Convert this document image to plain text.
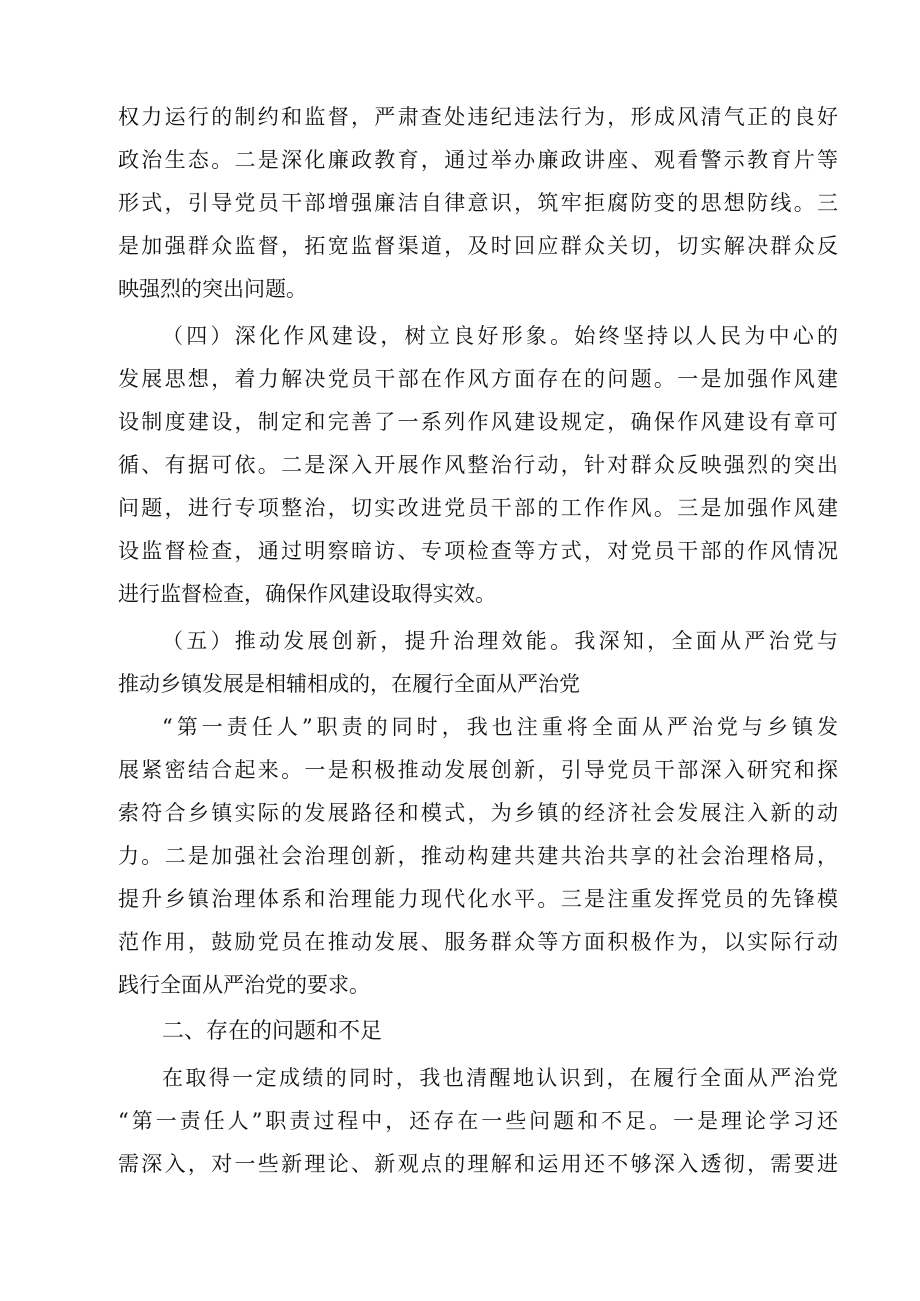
权力运行的制约和监督，严肃查处违纪违法行为，形成风清气正的良好

政治生态。二是深化廉政教育，通过举办廉政讲座、观看警示教育片等

形式，引导党员干部增强廉洁自律意识，筑牢拒腐防变的思想防线。三

是加强群众监督，拓宽监督渠道，及时回应群众关切，切实解决群众反

映强烈的突出问题。

（四）深化作风建设，树立良好形象。始终坚持以人民为中心的

发展思想，着力解决党员干部在作风方面存在的问题。一是加强作风建

设制度建设，制定和完善了一系列作风建设规定，确保作风建设有章可

循、有据可依。二是深入开展作风整治行动，针对群众反映强烈的突出

问题，进行专项整治，切实改进党员干部的工作作风。三是加强作风建

设监督检查，通过明察暗访、专项检查等方式，对党员干部的作风情况

进行监督检查，确保作风建设取得实效。

（五）推动发展创新，提升治理效能。我深知，全面从严治党与

推动乡镇发展是相辅相成的，在履行全面从严治党

“第一责任人”职责的同时，我也注重将全面从严治党与乡镇发

展紧密结合起来。一是积极推动发展创新，引导党员干部深入研究和探

索符合乡镇实际的发展路径和模式，为乡镇的经济社会发展注入新的动

力。二是加强社会治理创新，推动构建共建共治共享的社会治理格局，

提升乡镇治理体系和治理能力现代化水平。三是注重发挥党员的先锋模

范作用，鼓励党员在推动发展、服务群众等方面积极作为，以实际行动

践行全面从严治党的要求。

二、存在的问题和不足

在取得一定成绩的同时，我也清醒地认识到，在履行全面从严治党

“第一责任人”职责过程中，还存在一些问题和不足。一是理论学习还

需深入，对一些新理论、新观点的理解和运用还不够深入透彻，需要进
